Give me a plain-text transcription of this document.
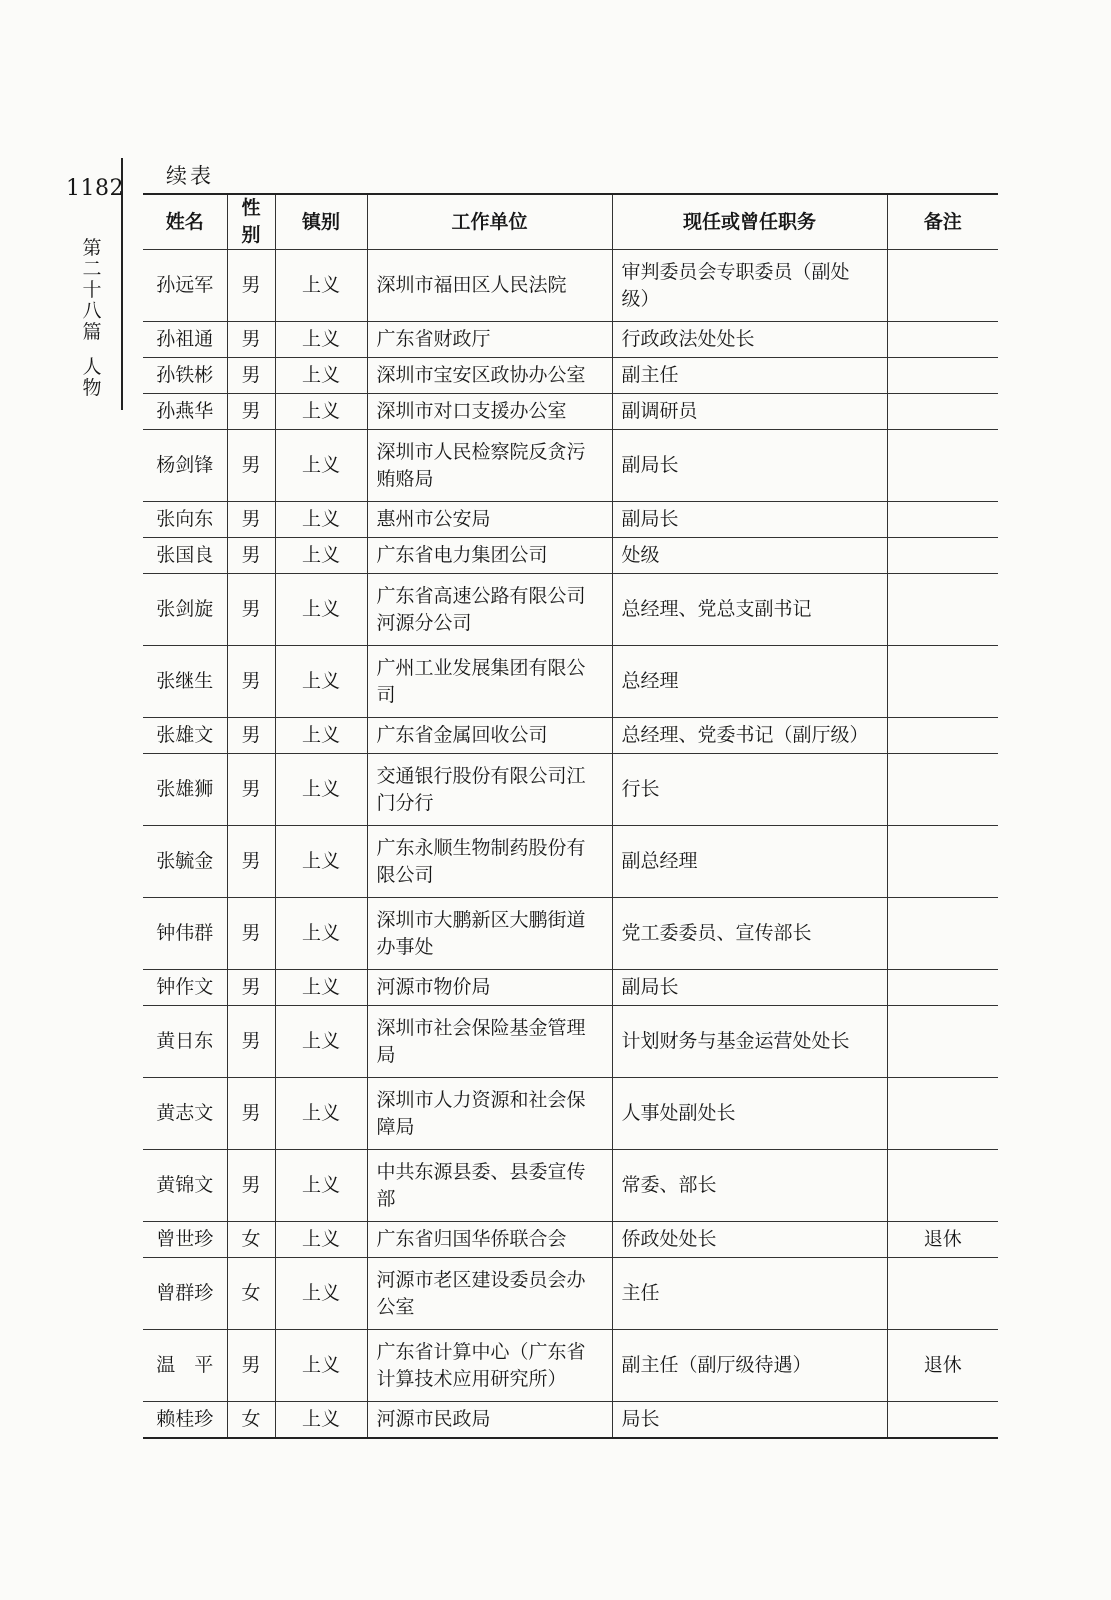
1182
第
二
十
八
篇
人
物
续表
姓名	性别	镇别	工作单位	现任或曾任职务	备注
孙远军	男	上义	深圳市福田区人民法院	审判委员会专职委员（副处级）	
孙祖通	男	上义	广东省财政厅	行政政法处处长	
孙铁彬	男	上义	深圳市宝安区政协办公室	副主任	
孙燕华	男	上义	深圳市对口支援办公室	副调研员	
杨剑锋	男	上义	深圳市人民检察院反贪污贿赂局	副局长	
张向东	男	上义	惠州市公安局	副局长	
张国良	男	上义	广东省电力集团公司	处级	
张剑旋	男	上义	广东省高速公路有限公司河源分公司	总经理、党总支副书记	
张继生	男	上义	广州工业发展集团有限公司	总经理	
张雄文	男	上义	广东省金属回收公司	总经理、党委书记（副厅级）	
张雄狮	男	上义	交通银行股份有限公司江门分行	行长	
张毓金	男	上义	广东永顺生物制药股份有限公司	副总经理	
钟伟群	男	上义	深圳市大鹏新区大鹏街道办事处	党工委委员、宣传部长	
钟作文	男	上义	河源市物价局	副局长	
黄日东	男	上义	深圳市社会保险基金管理局	计划财务与基金运营处处长	
黄志文	男	上义	深圳市人力资源和社会保障局	人事处副处长	
黄锦文	男	上义	中共东源县委、县委宣传部	常委、部长	
曾世珍	女	上义	广东省归国华侨联合会	侨政处处长	退休
曾群珍	女	上义	河源市老区建设委员会办公室	主任	
温　平	男	上义	广东省计算中心（广东省计算技术应用研究所）	副主任（副厅级待遇）	退休
赖桂珍	女	上义	河源市民政局	局长	
